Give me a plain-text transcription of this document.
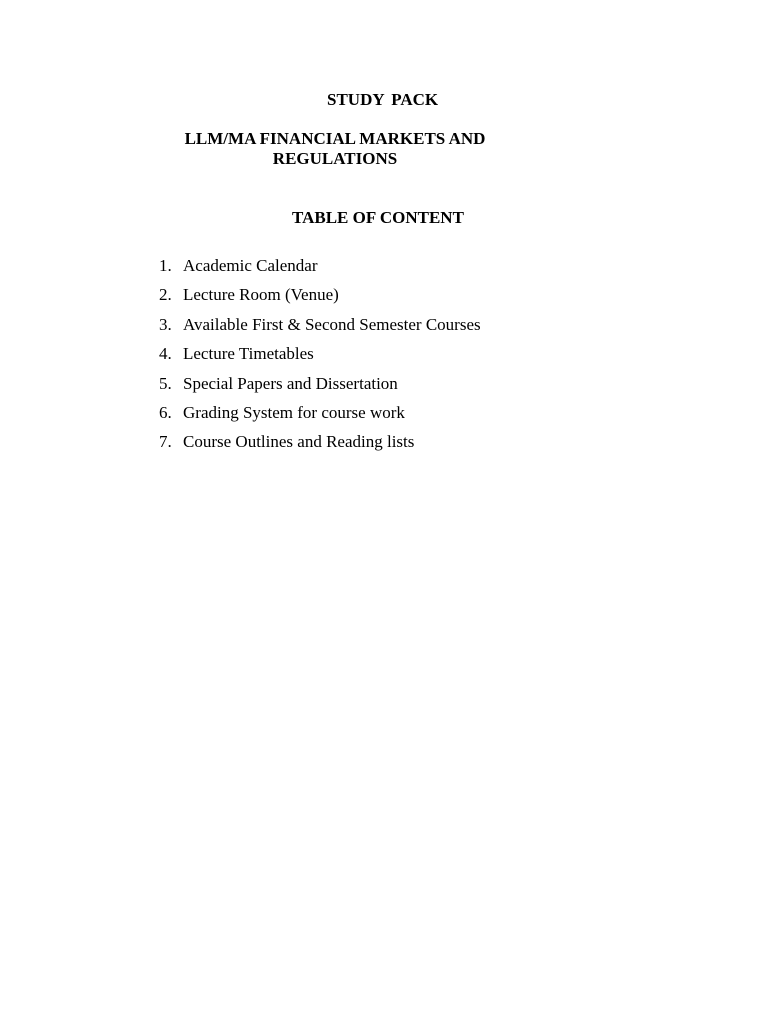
STUDY PACK
LLM/MA FINANCIAL MARKETS AND
REGULATIONS
TABLE OF CONTENT
1. Academic Calendar
2. Lecture Room (Venue)
3. Available First & Second Semester Courses
4. Lecture Timetables
5. Special Papers and Dissertation
6. Grading System for course work
7. Course Outlines and Reading lists
